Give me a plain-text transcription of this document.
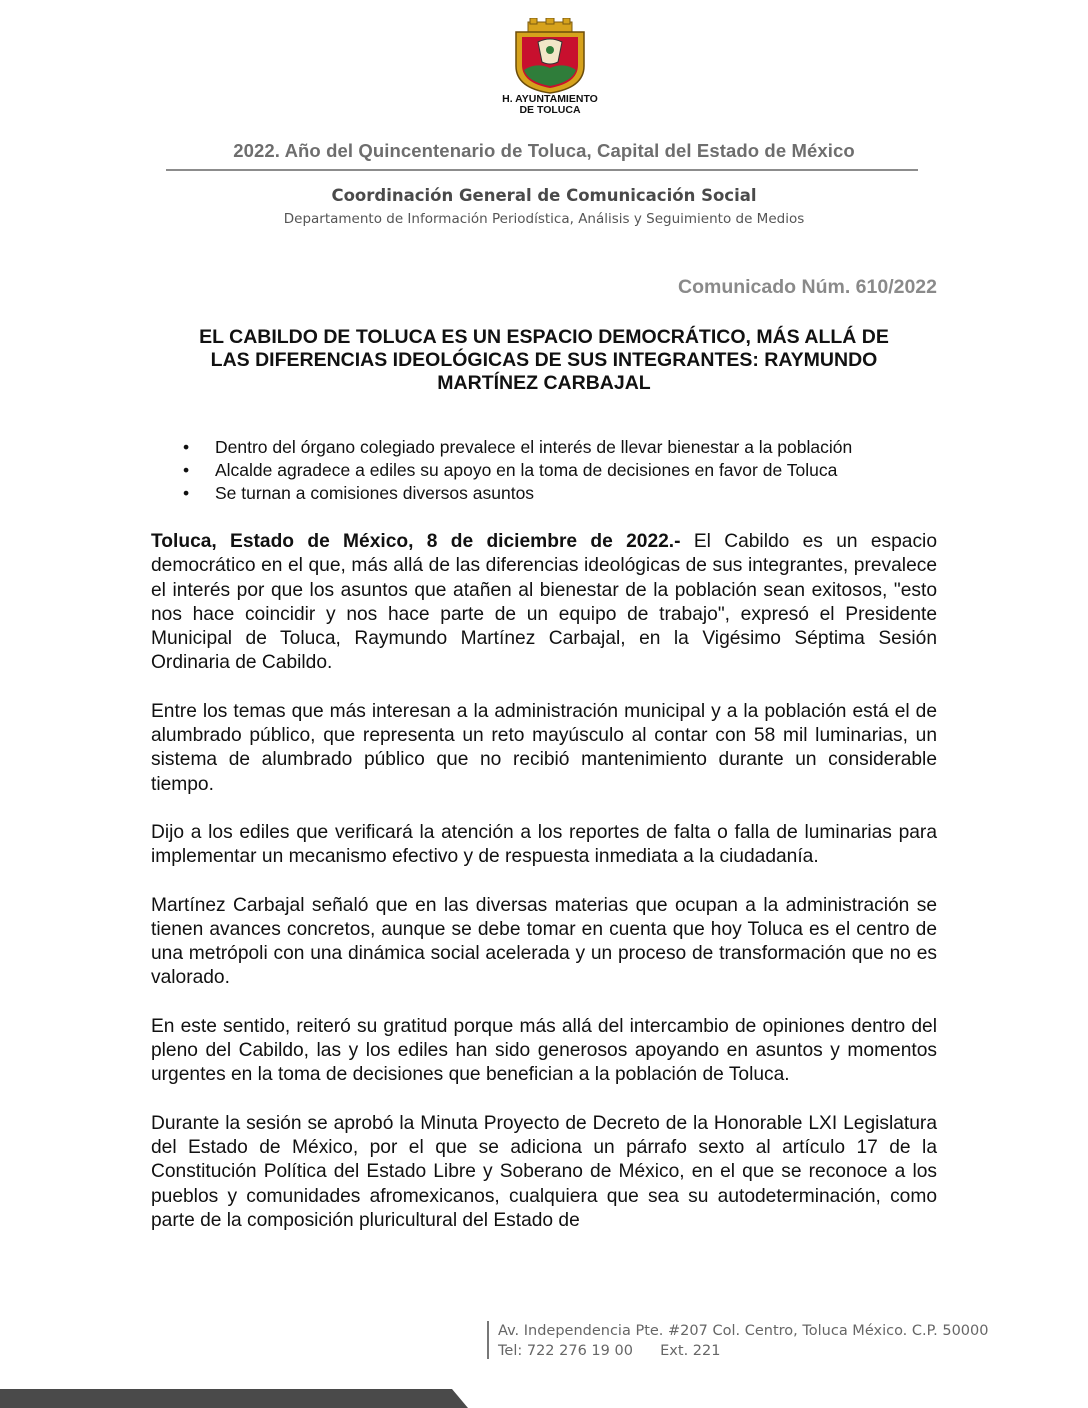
H. AYUNTAMIENTO
DE TOLUCA
2022. Año del Quincentenario de Toluca, Capital del Estado de México
Coordinación General de Comunicación Social
Departamento de Información Periodística, Análisis y Seguimiento de Medios
Comunicado Núm. 610/2022
EL CABILDO DE TOLUCA ES UN ESPACIO DEMOCRÁTICO, MÁS ALLÁ DE
LAS DIFERENCIAS IDEOLÓGICAS DE SUS INTEGRANTES: RAYMUNDO
MARTÍNEZ CARBAJAL
• Dentro del órgano colegiado prevalece el interés de llevar bienestar a la población
• Alcalde agradece a ediles su apoyo en la toma de decisiones en favor de Toluca
• Se turnan a comisiones diversos asuntos

Toluca, Estado de México, 8 de diciembre de 2022.- El Cabildo es un espacio democrático en el que, más allá de las diferencias ideológicas de sus integrantes, prevalece el interés por que los asuntos que atañen al bienestar de la población sean exitosos, "esto nos hace coincidir y nos hace parte de un equipo de trabajo", expresó el Presidente Municipal de Toluca, Raymundo Martínez Carbajal, en la Vigésimo Séptima Sesión Ordinaria de Cabildo.

Entre los temas que más interesan a la administración municipal y a la población está el de alumbrado público, que representa un reto mayúsculo al contar con 58 mil luminarias, un sistema de alumbrado público que no recibió mantenimiento durante un considerable tiempo.

Dijo a los ediles que verificará la atención a los reportes de falta o falla de luminarias para implementar un mecanismo efectivo y de respuesta inmediata a la ciudadanía.

Martínez Carbajal señaló que en las diversas materias que ocupan a la administración se tienen avances concretos, aunque se debe tomar en cuenta que hoy Toluca es el centro de una metrópoli con una dinámica social acelerada y un proceso de transformación que no es valorado.

En este sentido, reiteró su gratitud porque más allá del intercambio de opiniones dentro del pleno del Cabildo, las y los ediles han sido generosos apoyando en asuntos y momentos urgentes en la toma de decisiones que benefician a la población de Toluca.

Durante la sesión se aprobó la Minuta Proyecto de Decreto de la Honorable LXI Legislatura del Estado de México, por el que se adiciona un párrafo sexto al artículo 17 de la Constitución Política del Estado Libre y Soberano de México, en el que se reconoce a los pueblos y comunidades afromexicanos, cualquiera que sea su autodeterminación, como parte de la composición pluricultural del Estado de

Av. Independencia Pte. #207 Col. Centro, Toluca México. C.P. 50000
Tel: 722 276 19 00 Ext. 221
